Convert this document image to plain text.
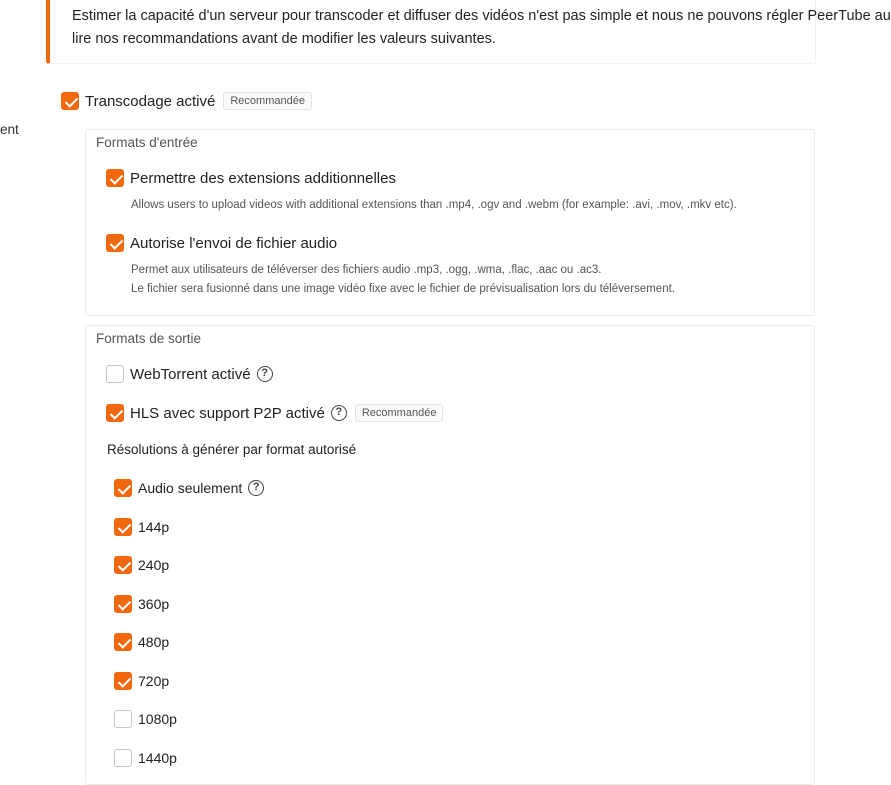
Estimer la capacité d'un serveur pour transcoder et diffuser des vidéos n'est pas simple et nous ne pouvons régler PeerTube au

lire nos recommandations avant de modifier les valeurs suivantes.

ent
Transcodage activé	Recommandée
Formats d'entrée
Permettre des extensions additionnelles
Allows users to upload videos with additional extensions than .mp4, .ogv and .webm (for example: .avi, .mov, .mkv etc).
Autorise l'envoi de fichier audio
Permet aux utilisateurs de téléverser des fichiers audio .mp3, .ogg, .wma, .flac, .aac ou .ac3.
Le fichier sera fusionné dans une image vidéo fixe avec le fichier de prévisualisation lors du téléversement.
Formats de sortie
WebTorrent activé ?
HLS avec support P2P activé ?	Recommandée
Résolutions à générer par format autorisé
Audio seulement ?
144p
240p
360p
480p
720p
1080p
1440p
